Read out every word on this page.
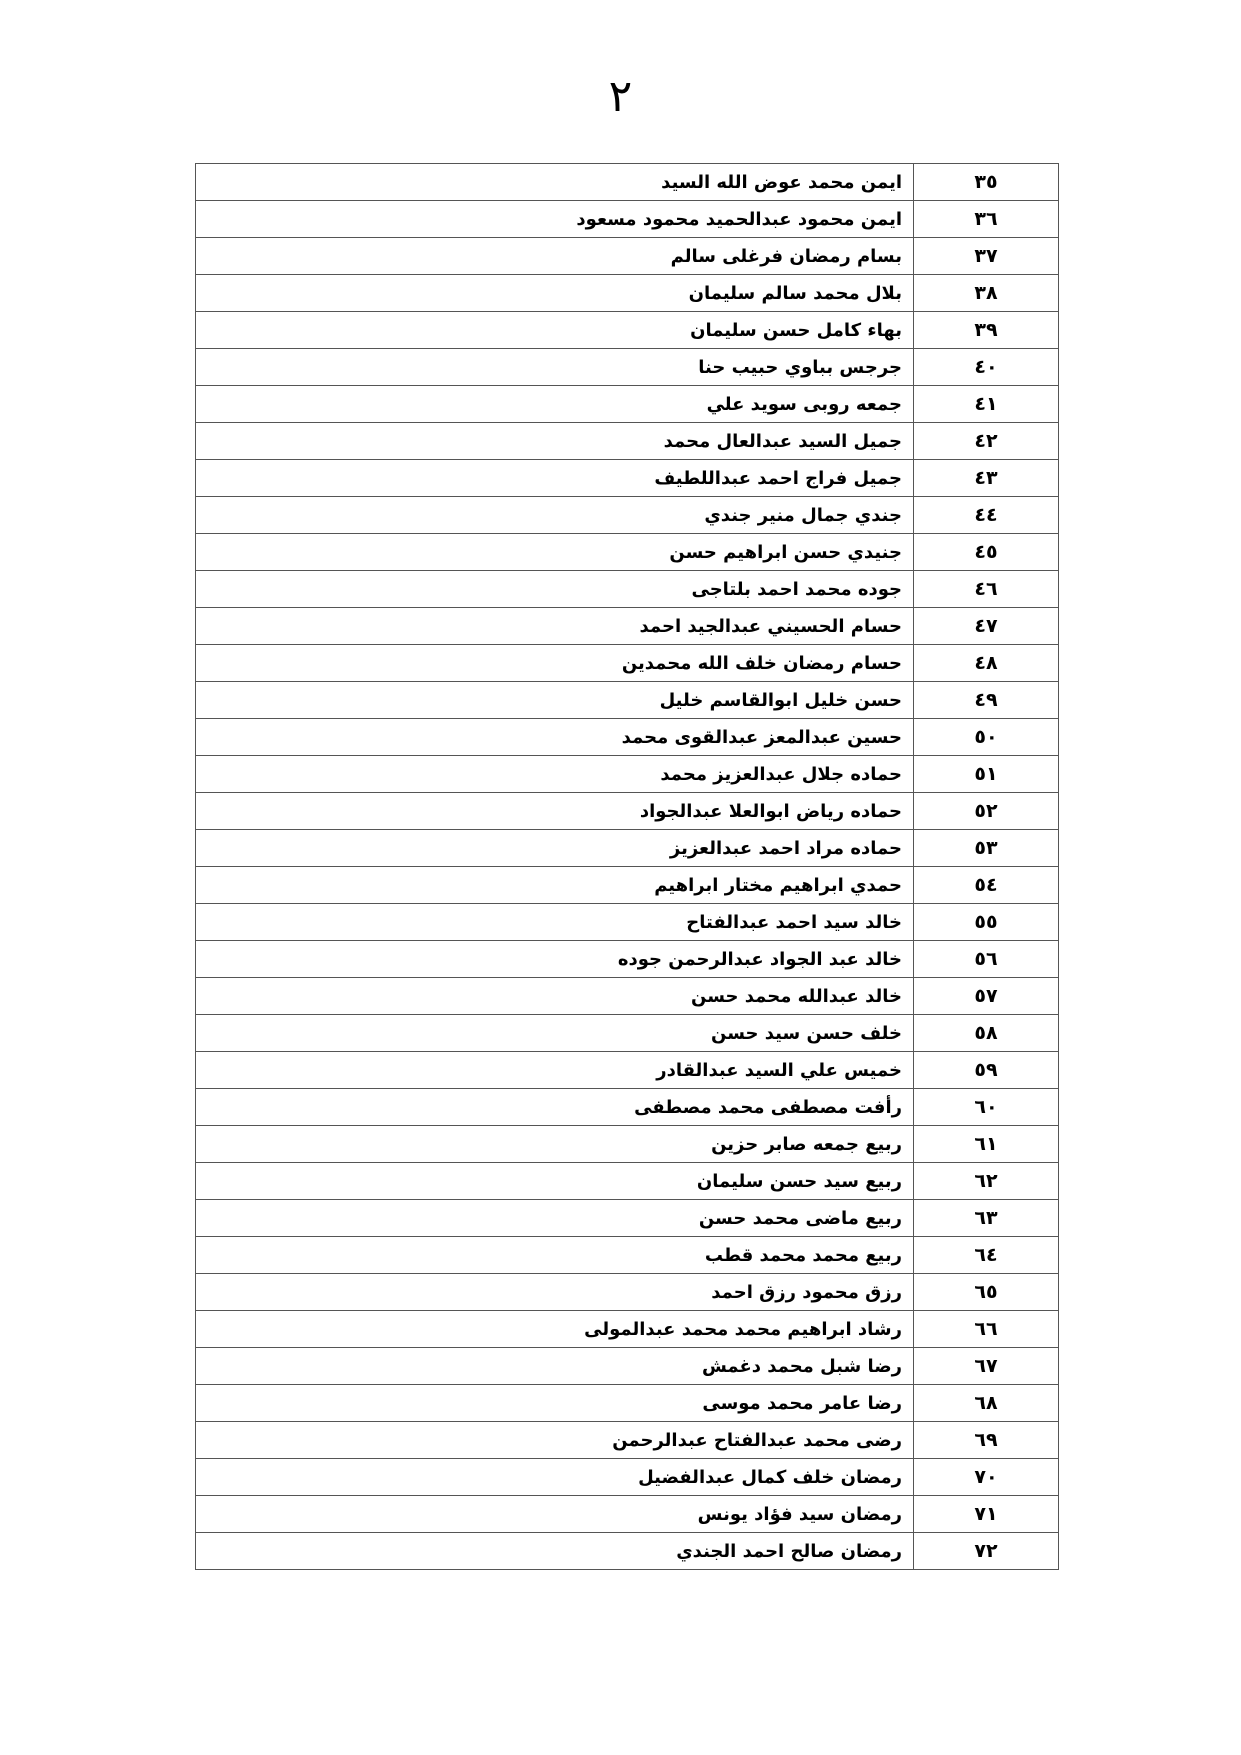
٢
٣٥	ايمن محمد عوض الله السيد
٣٦	ايمن محمود عبدالحميد محمود مسعود
٣٧	بسام رمضان فرغلى سالم
٣٨	بلال محمد سالم سليمان
٣٩	بهاء كامل حسن سليمان
٤٠	جرجس بباوي حبيب حنا
٤١	جمعه روبى سويد علي
٤٢	جميل السيد عبدالعال محمد
٤٣	جميل فراج احمد عبداللطيف
٤٤	جندي جمال منير جندي
٤٥	جنيدي حسن ابراهيم حسن
٤٦	جوده محمد احمد بلتاجى
٤٧	حسام الحسيني عبدالجيد احمد
٤٨	حسام رمضان خلف الله محمدين
٤٩	حسن خليل ابوالقاسم خليل
٥٠	حسين عبدالمعز عبدالقوى محمد
٥١	حماده جلال عبدالعزيز محمد
٥٢	حماده رياض ابوالعلا عبدالجواد
٥٣	حماده مراد احمد عبدالعزيز
٥٤	حمدي ابراهيم مختار ابراهيم
٥٥	خالد سيد احمد عبدالفتاح
٥٦	خالد عبد الجواد عبدالرحمن جوده
٥٧	خالد عبدالله محمد حسن
٥٨	خلف حسن سيد حسن
٥٩	خميس علي السيد عبدالقادر
٦٠	رأفت مصطفى محمد مصطفى
٦١	ربيع جمعه صابر حزين
٦٢	ربيع سيد حسن سليمان
٦٣	ربيع ماضى محمد حسن
٦٤	ربيع محمد محمد قطب
٦٥	رزق محمود رزق احمد
٦٦	رشاد ابراهيم محمد محمد عبدالمولى
٦٧	رضا شبل محمد دغمش
٦٨	رضا عامر محمد موسى
٦٩	رضى محمد عبدالفتاح عبدالرحمن
٧٠	رمضان خلف كمال عبدالفضيل
٧١	رمضان سيد فؤاد يونس
٧٢	رمضان صالح احمد الجندي
